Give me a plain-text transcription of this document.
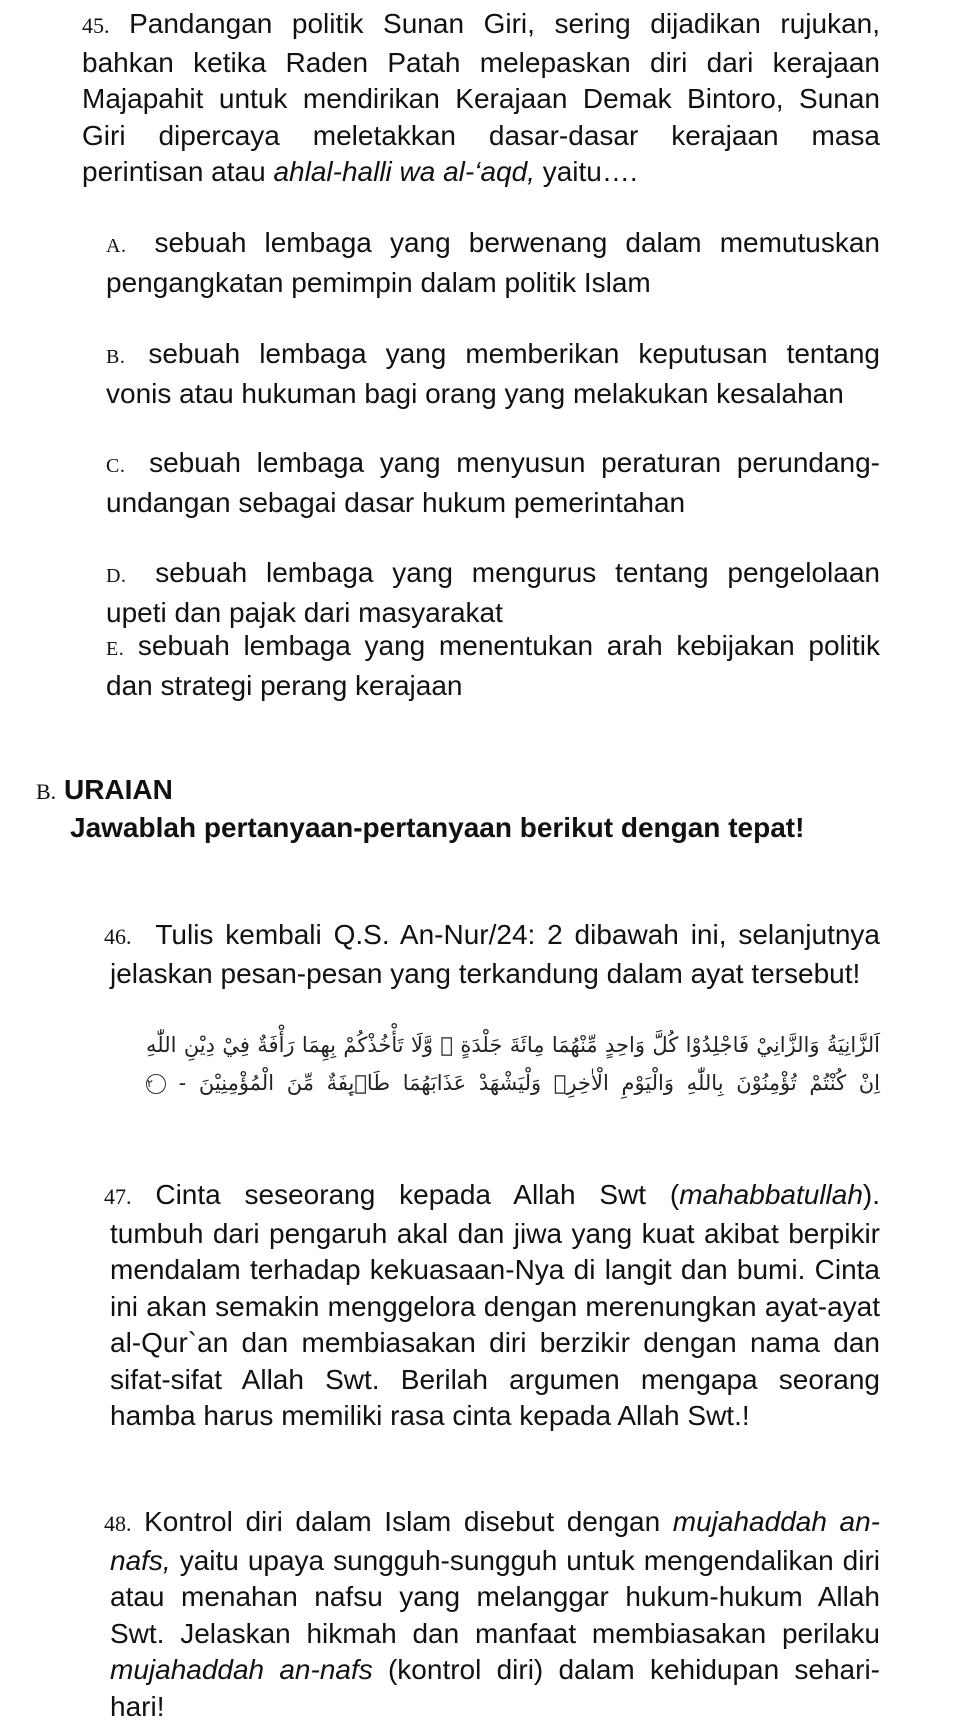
45. Pandangan politik Sunan Giri, sering dijadikan rujukan, bahkan ketika Raden Patah melepaskan diri dari kerajaan Majapahit untuk mendirikan Kerajaan Demak Bintoro, Sunan Giri dipercaya meletakkan dasar-dasar kerajaan masa perintisan atau ahlal-halli wa al-‘aqd, yaitu….
A. sebuah lembaga yang berwenang dalam memutuskan pengangkatan pemimpin dalam politik Islam
B. sebuah lembaga yang memberikan keputusan tentang vonis atau hukuman bagi orang yang melakukan kesalahan
C. sebuah lembaga yang menyusun peraturan perundang-undangan sebagai dasar hukum pemerintahan
D. sebuah lembaga yang mengurus tentang pengelolaan upeti dan pajak dari masyarakat
E. sebuah lembaga yang menentukan arah kebijakan politik dan strategi perang kerajaan
B. URAIAN
Jawablah pertanyaan-pertanyaan berikut dengan tepat!
46. Tulis kembali Q.S. An-Nur/24: 2 dibawah ini, selanjutnya jelaskan pesan-pesan yang terkandung dalam ayat tersebut!
اَلزَّانِيَةُ وَالزَّانِيْ فَاجْلِدُوْا كُلَّ وَاحِدٍ مِّنْهُمَا مِائَةَ جَلْدَةٍ ۖ وَّلَا تَأْخُذْكُمْ بِهِمَا رَأْفَةٌ فِيْ دِيْنِ اللّٰهِ اِنْ كُنْتُمْ تُؤْمِنُوْنَ بِاللّٰهِ وَالْيَوْمِ الْاٰخِرِۚ وَلْيَشْهَدْ عَذَابَهُمَا طَاۤىِٕفَةٌ مِّنَ الْمُؤْمِنِيْنَ - ٢
47. Cinta seseorang kepada Allah Swt (mahabbatullah). tumbuh dari pengaruh akal dan jiwa yang kuat akibat berpikir mendalam terhadap kekuasaan-Nya di langit dan bumi. Cinta ini akan semakin menggelora dengan merenungkan ayat-ayat al-Qur`an dan membiasakan diri berzikir dengan nama dan sifat-sifat Allah Swt. Berilah argumen mengapa seorang hamba harus memiliki rasa cinta kepada Allah Swt.!
48. Kontrol diri dalam Islam disebut dengan mujahaddah an-nafs, yaitu upaya sungguh-sungguh untuk mengendalikan diri atau menahan nafsu yang melanggar hukum-hukum Allah Swt. Jelaskan hikmah dan manfaat membiasakan perilaku mujahaddah an-nafs (kontrol diri) dalam kehidupan sehari-hari!
